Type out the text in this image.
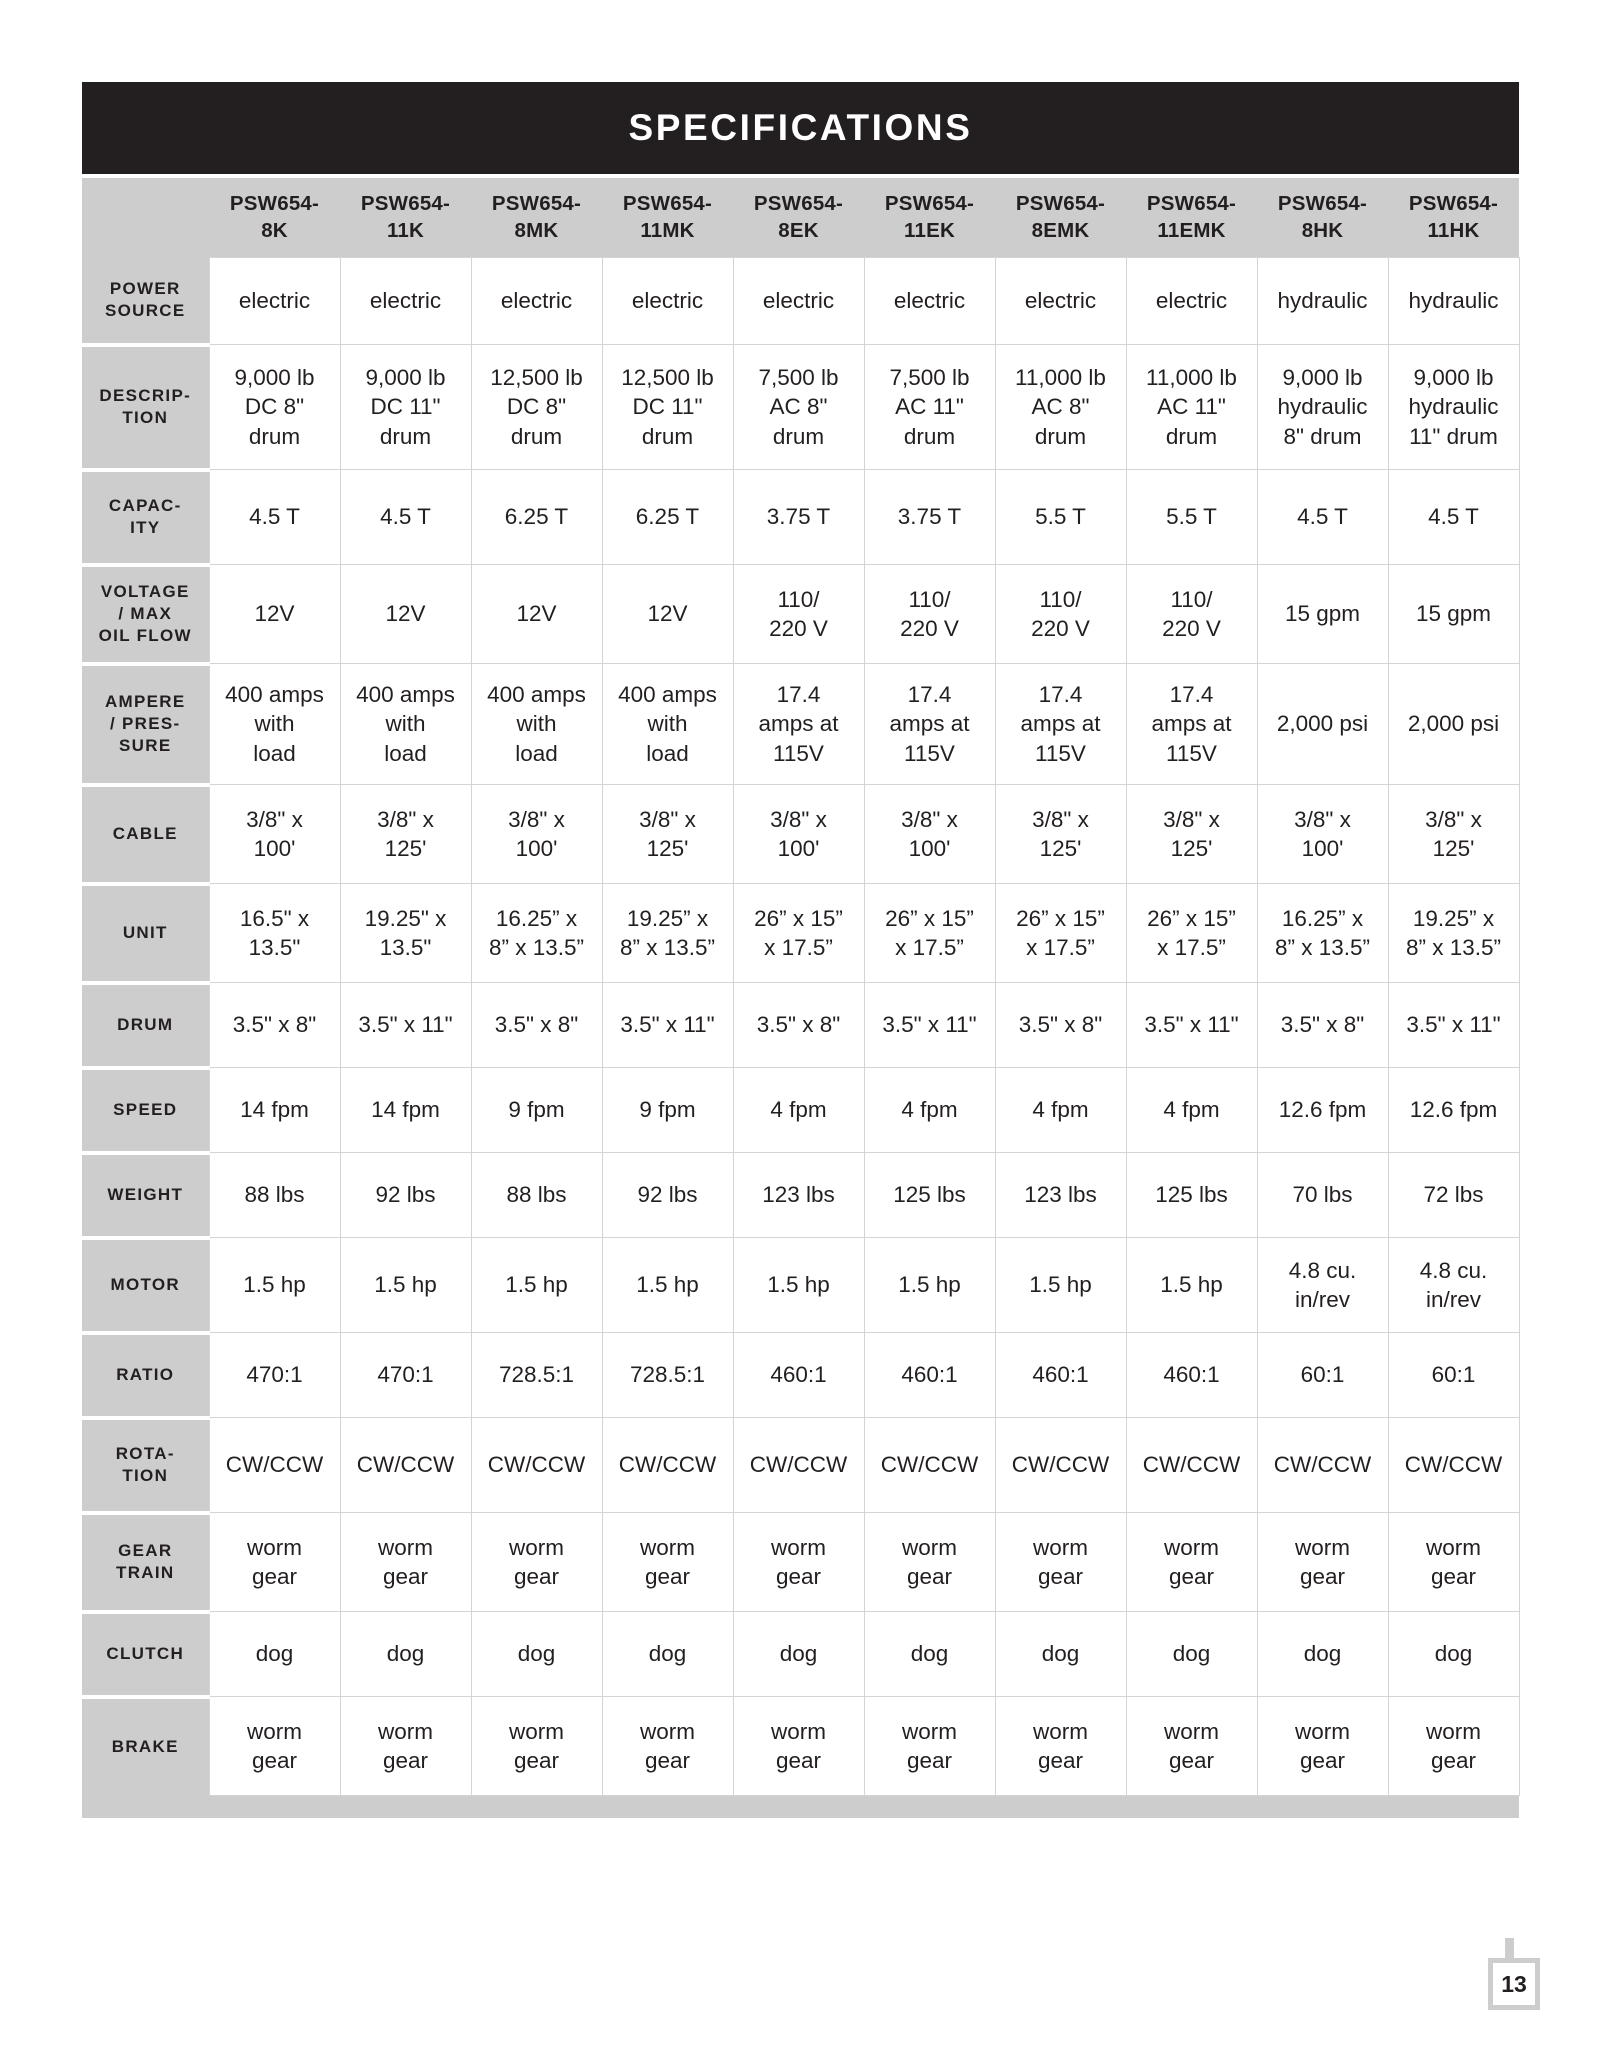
SPECIFICATIONS
	PSW654-
8K	PSW654-
11K	PSW654-
8MK	PSW654-
11MK	PSW654-
8EK	PSW654-
11EK	PSW654-
8EMK	PSW654-
11EMK	PSW654-
8HK	PSW654-
11HK
POWER
SOURCE	electric	electric	electric	electric	electric	electric	electric	electric	hydraulic	hydraulic
DESCRIP-
TION	9,000 lb
DC 8"
drum	9,000 lb
DC 11"
drum	12,500 lb
DC 8"
drum	12,500 lb
DC 11"
drum	7,500 lb
AC 8"
drum	7,500 lb
AC 11"
drum	11,000 lb
AC 8"
drum	11,000 lb
AC 11"
drum	9,000 lb
hydraulic
8" drum	9,000 lb
hydraulic
11" drum
CAPAC-
ITY	4.5 T	4.5 T	6.25 T	6.25 T	3.75 T	3.75 T	5.5 T	5.5 T	4.5 T	4.5 T
VOLTAGE
/ MAX
OIL FLOW	12V	12V	12V	12V	110/
220 V	110/
220 V	110/
220 V	110/
220 V	15 gpm	15 gpm
AMPERE
/ PRES-
SURE	400 amps
with
load	400 amps
with
load	400 amps
with
load	400 amps
with
load	17.4
amps at
115V	17.4
amps at
115V	17.4
amps at
115V	17.4
amps at
115V	2,000 psi	2,000 psi
CABLE	3/8" x
100'	3/8" x
125'	3/8" x
100'	3/8" x
125'	3/8" x
100'	3/8" x
100'	3/8" x
125'	3/8" x
125'	3/8" x
100'	3/8" x
125'
UNIT	16.5" x
13.5"	19.25" x
13.5"	16.25” x
8” x 13.5”	19.25” x
8” x 13.5”	26” x 15”
x 17.5”	26” x 15”
x 17.5”	26” x 15”
x 17.5”	26” x 15”
x 17.5”	16.25” x
8” x 13.5”	19.25” x
8” x 13.5”
DRUM	3.5" x 8"	3.5" x 11"	3.5" x 8"	3.5" x 11"	3.5" x 8"	3.5" x 11"	3.5" x 8"	3.5" x 11"	3.5" x 8"	3.5" x 11"
SPEED	14 fpm	14 fpm	9 fpm	9 fpm	4 fpm	4 fpm	4 fpm	4 fpm	12.6 fpm	12.6 fpm
WEIGHT	88 lbs	92 lbs	88 lbs	92 lbs	123 lbs	125 lbs	123 lbs	125 lbs	70 lbs	72 lbs
MOTOR	1.5 hp	1.5 hp	1.5 hp	1.5 hp	1.5 hp	1.5 hp	1.5 hp	1.5 hp	4.8 cu.
in/rev	4.8 cu.
in/rev
RATIO	470:1	470:1	728.5:1	728.5:1	460:1	460:1	460:1	460:1	60:1	60:1
ROTA-
TION	CW/CCW	CW/CCW	CW/CCW	CW/CCW	CW/CCW	CW/CCW	CW/CCW	CW/CCW	CW/CCW	CW/CCW
GEAR
TRAIN	worm
gear	worm
gear	worm
gear	worm
gear	worm
gear	worm
gear	worm
gear	worm
gear	worm
gear	worm
gear
CLUTCH	dog	dog	dog	dog	dog	dog	dog	dog	dog	dog
BRAKE	worm
gear	worm
gear	worm
gear	worm
gear	worm
gear	worm
gear	worm
gear	worm
gear	worm
gear	worm
gear
13
